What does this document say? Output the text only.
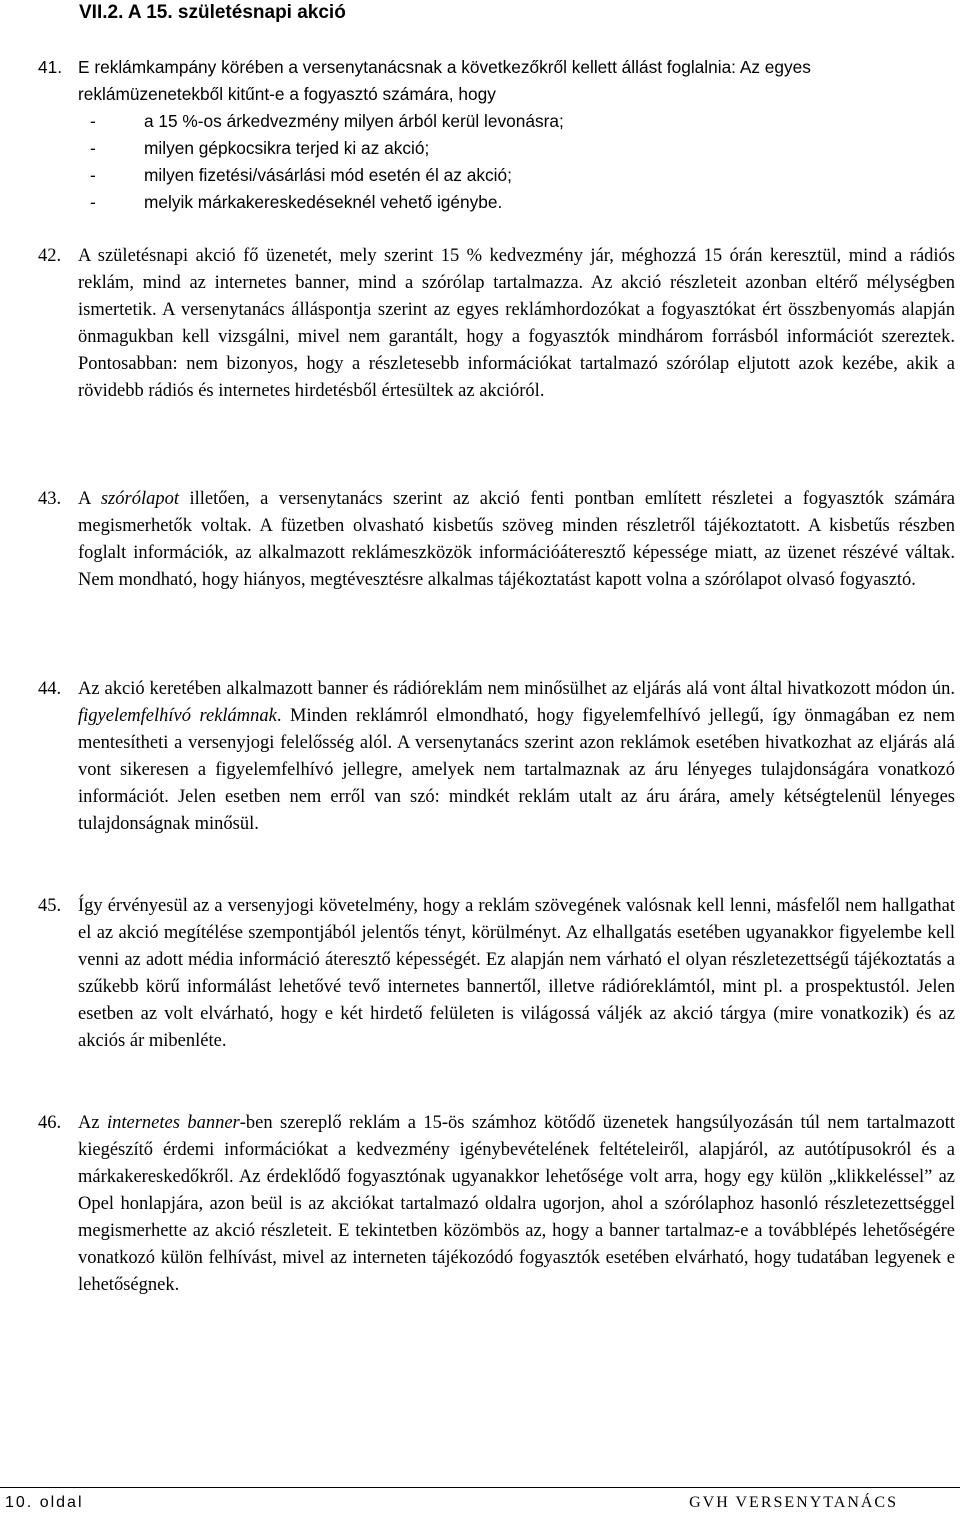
VII.2. A 15. születésnapi akció
41. E reklámkampány körében a versenytanácsnak a következőkről kellett állást foglalnia: Az egyes reklámüzenetekből kitűnt-e a fogyasztó számára, hogy
- a 15 %-os árkedvezmény milyen árból kerül levonásra;
- milyen gépkocsikra terjed ki az akció;
- milyen fizetési/vásárlási mód esetén él az akció;
- melyik márkakereskedéseknél vehető igénybe.
42. A születésnapi akció fő üzenetét, mely szerint 15 % kedvezmény jár, méghozzá 15 órán keresztül, mind a rádiós reklám, mind az internetes banner, mind a szórólap tartalmazza. Az akció részleteit azonban eltérő mélységben ismertetik. A versenytanács álláspontja szerint az egyes reklámhordozókat a fogyasztókat ért összbenyomás alapján önmagukban kell vizsgálni, mivel nem garantált, hogy a fogyasztók mindhárom forrásból információt szereztek. Pontosabban: nem bizonyos, hogy a részletesebb információkat tartalmazó szórólap eljutott azok kezébe, akik a rövidebb rádiós és internetes hirdetésből értesültek az akcióról.
43. A szórólapot illetően, a versenytanács szerint az akció fenti pontban említett részletei a fogyasztók számára megismerhetők voltak. A füzetben olvasható kisbetűs szöveg minden részletről tájékoztatott. A kisbetűs részben foglalt információk, az alkalmazott reklámeszközök információáteresztő képessége miatt, az üzenet részévé váltak. Nem mondható, hogy hiányos, megtévesztésre alkalmas tájékoztatást kapott volna a szórólapot olvasó fogyasztó.
44. Az akció keretében alkalmazott banner és rádióreklám nem minősülhet az eljárás alá vont által hivatkozott módon ún. figyelemfelhívó reklámnak. Minden reklámról elmondható, hogy figyelemfelhívó jellegű, így önmagában ez nem mentesítheti a versenyjogi felelősség alól. A versenytanács szerint azon reklámok esetében hivatkozhat az eljárás alá vont sikeresen a figyelemfelhívó jellegre, amelyek nem tartalmaznak az áru lényeges tulajdonságára vonatkozó információt. Jelen esetben nem erről van szó: mindkét reklám utalt az áru árára, amely kétségtelenül lényeges tulajdonságnak minősül.
45. Így érvényesül az a versenyjogi követelmény, hogy a reklám szövegének valósnak kell lenni, másfelől nem hallgathat el az akció megítélése szempontjából jelentős tényt, körülményt. Az elhallgatás esetében ugyanakkor figyelembe kell venni az adott média információ áteresztő képességét. Ez alapján nem várható el olyan részletezettségű tájékoztatás a szűkebb körű informálást lehetővé tevő internetes bannertől, illetve rádióreklámtól, mint pl. a prospektustól. Jelen esetben az volt elvárható, hogy e két hirdető felületen is világossá váljék az akció tárgya (mire vonatkozik) és az akciós ár mibenléte.
46. Az internetes banner-ben szereplő reklám a 15-ös számhoz kötődő üzenetek hangsúlyozásán túl nem tartalmazott kiegészítő érdemi információkat a kedvezmény igénybevételének feltételeiről, alapjáról, az autótípusokról és a márkakereskedőkről. Az érdeklődő fogyasztónak ugyanakkor lehetősége volt arra, hogy egy külön „klikkeléssel” az Opel honlapjára, azon beül is az akciókat tartalmazó oldalra ugorjon, ahol a szórólaphoz hasonló részletezettséggel megismerhette az akció részleteit. E tekintetben közömbös az, hogy a banner tartalmaz-e a továbblépés lehetőségére vonatkozó külön felhívást, mivel az interneten tájékozódó fogyasztók esetében elvárható, hogy tudatában legyenek e lehetőségnek.
10. oldal	GVH VERSENYTANÁCS
